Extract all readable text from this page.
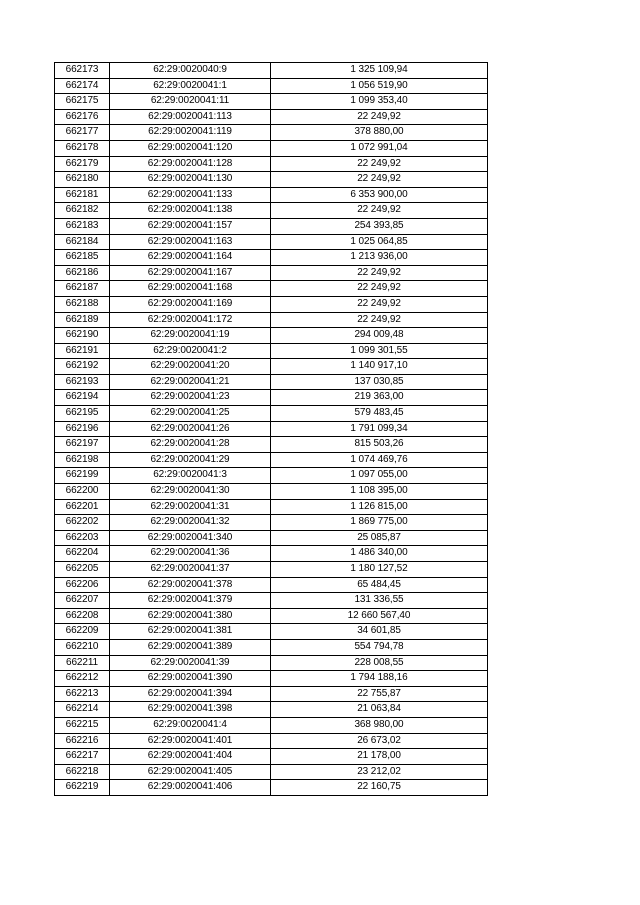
662173	62:29:0020040:9	1 325 109,94
662174	62:29:0020041:1	1 056 519,90
662175	62:29:0020041:11	1 099 353,40
662176	62:29:0020041:113	22 249,92
662177	62:29:0020041:119	378 880,00
662178	62:29:0020041:120	1 072 991,04
662179	62:29:0020041:128	22 249,92
662180	62:29:0020041:130	22 249,92
662181	62:29:0020041:133	6 353 900,00
662182	62:29:0020041:138	22 249,92
662183	62:29:0020041:157	254 393,85
662184	62:29:0020041:163	1 025 064,85
662185	62:29:0020041:164	1 213 936,00
662186	62:29:0020041:167	22 249,92
662187	62:29:0020041:168	22 249,92
662188	62:29:0020041:169	22 249,92
662189	62:29:0020041:172	22 249,92
662190	62:29:0020041:19	294 009,48
662191	62:29:0020041:2	1 099 301,55
662192	62:29:0020041:20	1 140 917,10
662193	62:29:0020041:21	137 030,85
662194	62:29:0020041:23	219 363,00
662195	62:29:0020041:25	579 483,45
662196	62:29:0020041:26	1 791 099,34
662197	62:29:0020041:28	815 503,26
662198	62:29:0020041:29	1 074 469,76
662199	62:29:0020041:3	1 097 055,00
662200	62:29:0020041:30	1 108 395,00
662201	62:29:0020041:31	1 126 815,00
662202	62:29:0020041:32	1 869 775,00
662203	62:29:0020041:340	25 085,87
662204	62:29:0020041:36	1 486 340,00
662205	62:29:0020041:37	1 180 127,52
662206	62:29:0020041:378	65 484,45
662207	62:29:0020041:379	131 336,55
662208	62:29:0020041:380	12 660 567,40
662209	62:29:0020041:381	34 601,85
662210	62:29:0020041:389	554 794,78
662211	62:29:0020041:39	228 008,55
662212	62:29:0020041:390	1 794 188,16
662213	62:29:0020041:394	22 755,87
662214	62:29:0020041:398	21 063,84
662215	62:29:0020041:4	368 980,00
662216	62:29:0020041:401	26 673,02
662217	62:29:0020041:404	21 178,00
662218	62:29:0020041:405	23 212,02
662219	62:29:0020041:406	22 160,75
